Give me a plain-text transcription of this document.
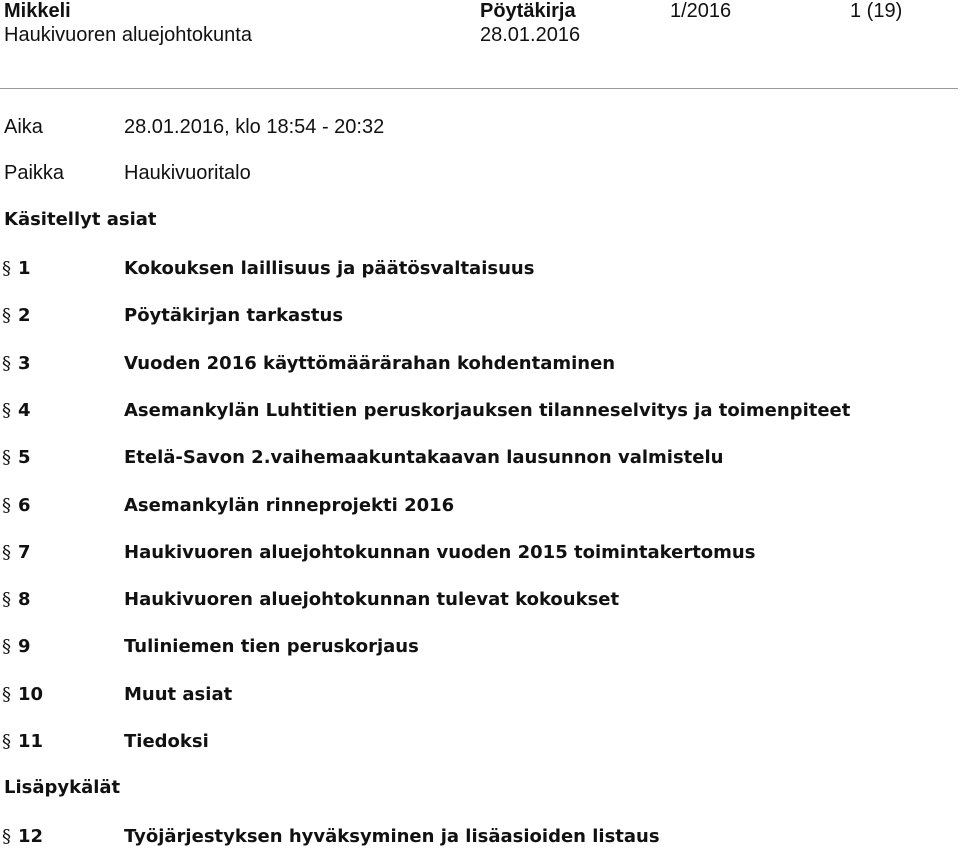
Mikkeli
Haukivuoren aluejohtokunta
Pöytäkirja
28.01.2016
1/2016	1 (19)
Aika	28.01.2016, klo 18:54 - 20:32
Paikka	Haukivuoritalo
Käsitellyt asiat
§ 1	Kokouksen laillisuus ja päätösvaltaisuus
§ 2	Pöytäkirjan tarkastus
§ 3	Vuoden 2016 käyttömäärärahan kohdentaminen
§ 4	Asemankylän Luhtitien peruskorjauksen tilanneselvitys ja toimenpiteet
§ 5	Etelä-Savon 2.vaihemaakuntakaavan lausunnon valmistelu
§ 6	Asemankylän rinneprojekti 2016
§ 7	Haukivuoren aluejohtokunnan vuoden 2015 toimintakertomus
§ 8	Haukivuoren aluejohtokunnan tulevat kokoukset
§ 9	Tuliniemen tien peruskorjaus
§ 10	Muut asiat
§ 11	Tiedoksi
Lisäpykälät
§ 12	Työjärjestyksen hyväksyminen ja lisäasioiden listaus
